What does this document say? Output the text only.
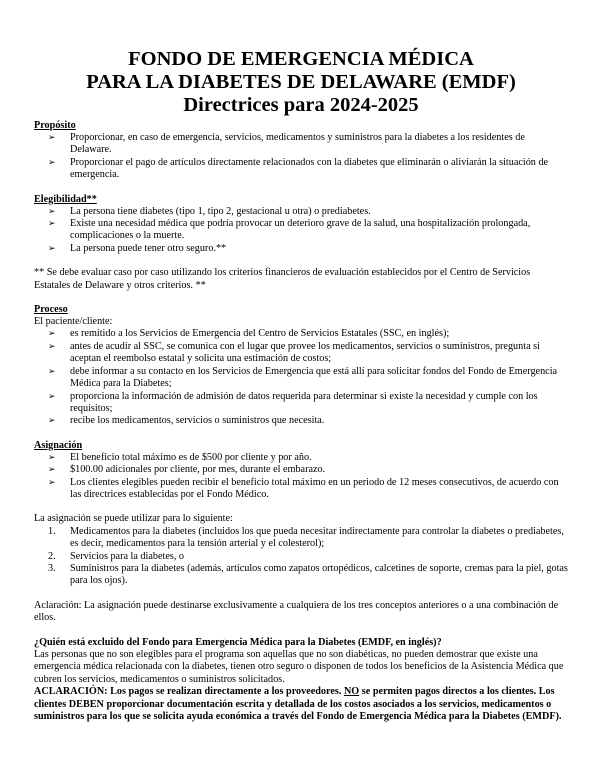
FONDO DE EMERGENCIA MÉDICA

PARA LA DIABETES DE DELAWARE (EMDF)

Directrices para 2024-2025

Propósito

➢ Proporcionar, en caso de emergencia, servicios, medicamentos y suministros para la diabetes a los residentes de Delaware.
➢ Proporcionar el pago de artículos directamente relacionados con la diabetes que eliminarán o aliviarán la situación de emergencia.

Elegibilidad**

➢ La persona tiene diabetes (tipo 1, tipo 2, gestacional u otra) o prediabetes.
➢ Existe una necesidad médica que podría provocar un deterioro grave de la salud, una hospitalización prolongada, complicaciones o la muerte.
➢ La persona puede tener otro seguro.**

** Se debe evaluar caso por caso utilizando los criterios financieros de evaluación establecidos por el Centro de Servicios Estatales de Delaware y otros criterios. **

Proceso

El paciente/cliente:

➢ es remitido a los Servicios de Emergencia del Centro de Servicios Estatales (SSC, en inglés);
➢ antes de acudir al SSC, se comunica con el lugar que provee los medicamentos, servicios o suministros, pregunta si aceptan el reembolso estatal y solicita una estimación de costos;
➢ debe informar a su contacto en los Servicios de Emergencia que está allí para solicitar fondos del Fondo de Emergencia Médica para la Diabetes;
➢ proporciona la información de admisión de datos requerida para determinar si existe la necesidad y cumple con los requisitos;
➢ recibe los medicamentos, servicios o suministros que necesita.

Asignación

➢ El beneficio total máximo es de $500 por cliente y por año.
➢ $100.00 adicionales por cliente, por mes, durante el embarazo.
➢ Los clientes elegibles pueden recibir el beneficio total máximo en un periodo de 12 meses consecutivos, de acuerdo con las directrices establecidas por el Fondo Médico.

La asignación se puede utilizar para lo siguiente:

1. Medicamentos para la diabetes (incluidos los que pueda necesitar indirectamente para controlar la diabetes o prediabetes, es decir, medicamentos para la tensión arterial y el colesterol);
2. Servicios para la diabetes, o
3. Suministros para la diabetes (además, artículos como zapatos ortopédicos, calcetines de soporte, cremas para la piel, gotas para los ojos).

Aclaración: La asignación puede destinarse exclusivamente a cualquiera de los tres conceptos anteriores o a una combinación de ellos.

¿Quién está excluido del Fondo para Emergencia Médica para la Diabetes (EMDF, en inglés)?

Las personas que no son elegibles para el programa son aquellas que no son diabéticas, no pueden demostrar que existe una emergencia médica relacionada con la diabetes, tienen otro seguro o disponen de todos los beneficios de la Asistencia Médica que cubren los servicios, medicamentos o suministros solicitados.

ACLARACIÓN: Los pagos se realizan directamente a los proveedores. NO se permiten pagos directos a los clientes. Los clientes DEBEN proporcionar documentación escrita y detallada de los costos asociados a los servicios, medicamentos o suministros para los que se solicita ayuda económica a través del Fondo de Emergencia Médica para la Diabetes (EMDF).
